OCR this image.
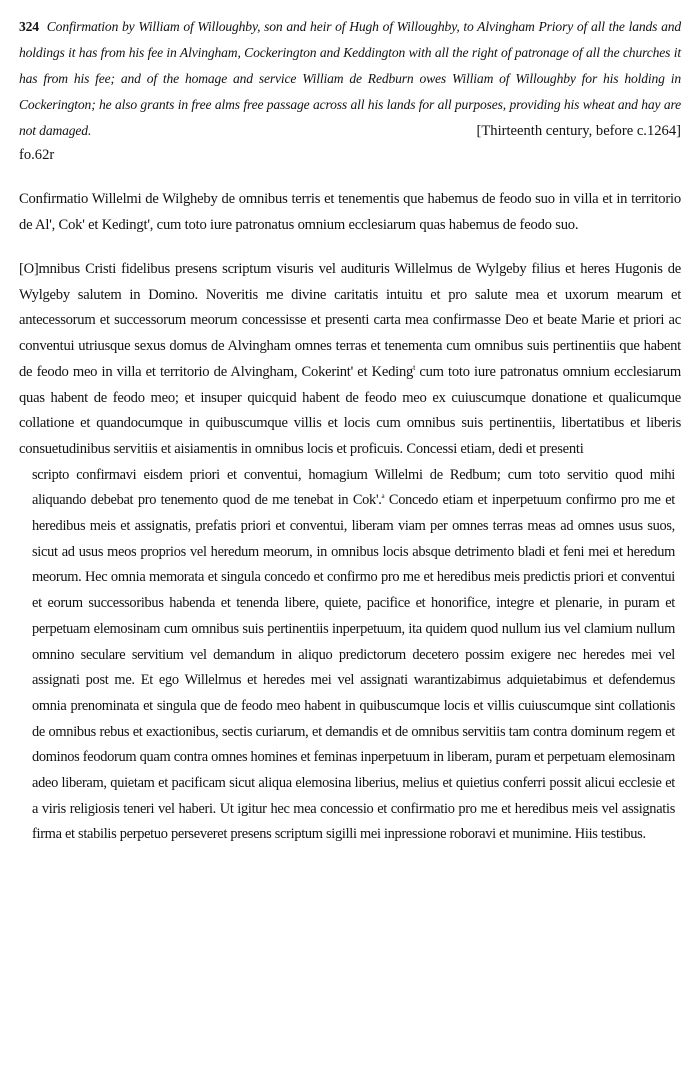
324 Confirmation by William of Willoughby, son and heir of Hugh of Willoughby, to Alvingham Priory of all the lands and holdings it has from his fee in Alvingham, Cockerington and Keddington with all the right of patronage of all the churches it has from his fee; and of the homage and service William de Redburn owes William of Willoughby for his holding in Cockerington; he also grants in free alms free passage across all his lands for all purposes, providing his wheat and hay are not damaged.	[Thirteenth century, before c.1264]
fo.62r
Confirmatio Willelmi de Wilgheby de omnibus terris et tenementis que habemus de feodo suo in villa et in territorio de Al', Cok' et Kedingt', cum toto iure patronatus omnium ecclesiarum quas habemus de feodo suo.
[O]mnibus Cristi fidelibus presens scriptum visuris vel audituris Willelmus de Wylgeby filius et heres Hugonis de Wylgeby salutem in Domino. Noveritis me divine caritatis intuitu et pro salute mea et uxorum mearum et antecessorum et successorum meorum concessisse et presenti carta mea confirmasse Deo et beate Marie et priori ac conventui utriusque sexus domus de Alvingham omnes terras et tenementa cum omnibus suis pertinentiis que habent de feodo meo in villa et territorio de Alvingham, Cokerint' et Keding$^t$ cum toto iure patronatus omnium ecclesiarum quas habent de feodo meo; et insuper quicquid habent de feodo meo ex cuiuscumque donatione et qualicumque collatione et quandocumque in quibuscumque villis et locis cum omnibus suis pertinentiis, libertatibus et liberis consuetudinibus servitiis et aisiamentis in omnibus locis et proficuis. Concessi etiam, dedi et presenti
scripto confirmavi eisdem priori et conventui, homagium Willelmi de Redbum; cum toto servitio quod mihi aliquando debebat pro tenemento quod de me tenebat in Cok'.$^a$ Concedo etiam et inperpetuum confirmo pro me et heredibus meis et assignatis, prefatis priori et conventui, liberam viam per omnes terras meas ad omnes usus suos, sicut ad usus meos proprios vel heredum meorum, in omnibus locis absque detrimento bladi et feni mei et heredum meorum. Hec omnia memorata et singula concedo et confirmo pro me et heredibus meis predictis priori et conventui et eorum successoribus habenda et tenenda libere, quiete, pacifice et honorifice, integre et plenarie, in puram et perpetuam elemosinam cum omnibus suis pertinentiis inperpetuum, ita quidem quod nullum ius vel clamium nullum omnino seculare servitium vel demandum in aliquo predictorum decetero possim exigere nec heredes mei vel assignati post me. Et ego Willelmus et heredes mei vel assignati warantizabimus adquietabimus et defendemus omnia prenominata et singula que de feodo meo habent in quibuscumque locis et villis cuiuscumque sint collationis de omnibus rebus et exactionibus, sectis curiarum, et demandis et de omnibus servitiis tam contra dominum regem et dominos feodorum quam contra omnes homines et feminas inperpetuum in liberam, puram et perpetuam elemosinam adeo liberam, quietam et pacificam sicut aliqua elemosina liberius, melius et quietius conferri possit alicui ecclesie et a viris religiosis teneri vel haberi. Ut igitur hec mea concessio et confirmatio pro me et heredibus meis vel assignatis firma et stabilis perpetuo perseveret presens scriptum sigilli mei inpressione roboravi et munimine. Hiis testibus.
